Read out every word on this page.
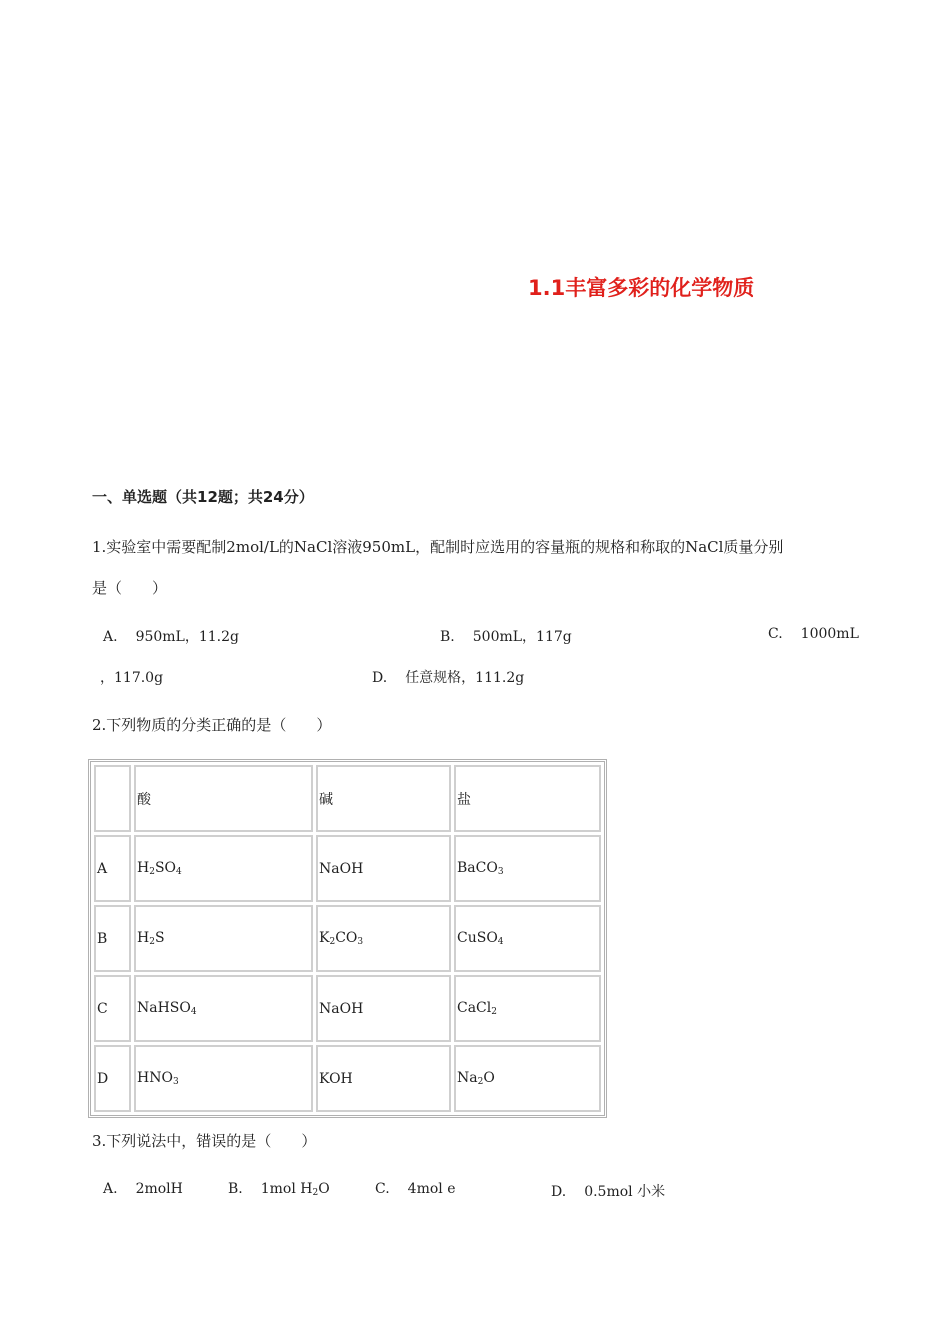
1.1丰富多彩的化学物质
一、单选题（共12题；共24分）
1.实验室中需要配制2mol/L的NaCl溶液950mL，配制时应选用的容量瓶的规格和称取的NaCl质量分别
是（　　）
A. 950mL，11.2g	B. 500mL，117g	C. 1000mL
，117.0g	D. 任意规格，111.2g
2.下列物质的分类正确的是（　　）
	酸	碱	盐
A	$H_2SO_4$	NaOH	BaCO$_3$
B	$H_2S$	$K_2CO_3$	CuSO$_4$
C	NaHSO$_4$	NaOH	CaCl$_2$
D	$HNO_3$	KOH	$Na_2O$
3.下列说法中，错误的是（　　）
A. 2molH	B. 1mol $H_2O$	C. 4mol e	D. 0.5mol 小米
